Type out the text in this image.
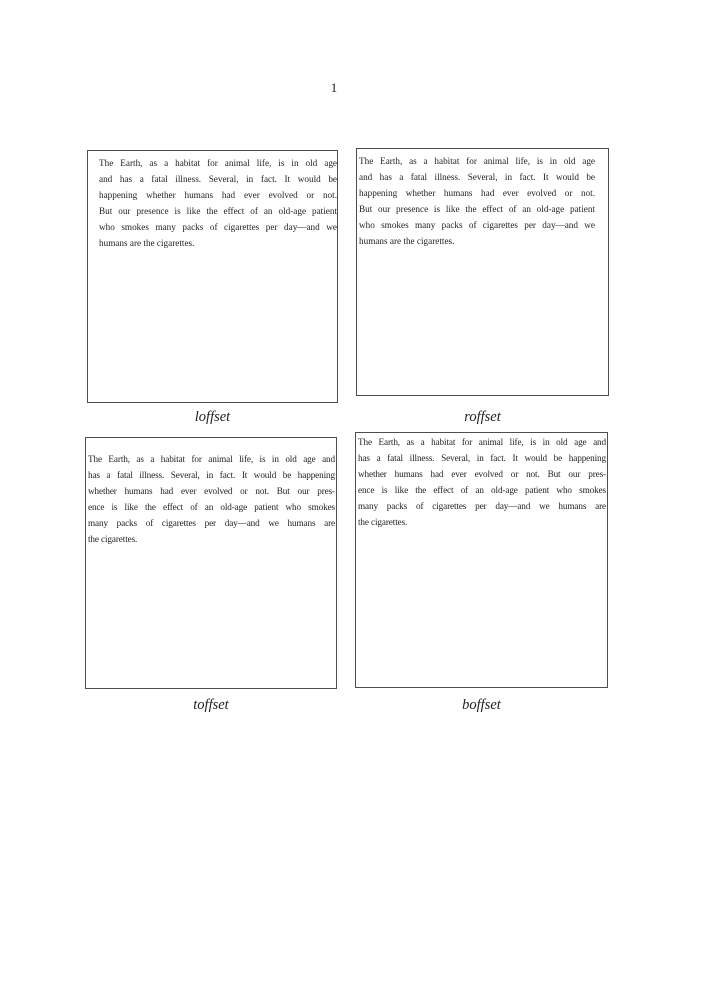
1
The Earth, as a habitat for animal life, is in old age
and has a fatal illness. Several, in fact. It would be
happening whether humans had ever evolved or not.
But our presence is like the effect of an old-age patient
who smokes many packs of cigarettes per day—and we
humans are the cigarettes.
loffset
The Earth, as a habitat for animal life, is in old age
and has a fatal illness. Several, in fact. It would be
happening whether humans had ever evolved or not.
But our presence is like the effect of an old-age patient
who smokes many packs of cigarettes per day—and we
humans are the cigarettes.
roffset
The Earth, as a habitat for animal life, is in old age and
has a fatal illness. Several, in fact. It would be happening
whether humans had ever evolved or not. But our pres-
ence is like the effect of an old-age patient who smokes
many packs of cigarettes per day—and we humans are
the cigarettes.
toffset
The Earth, as a habitat for animal life, is in old age and
has a fatal illness. Several, in fact. It would be happening
whether humans had ever evolved or not. But our pres-
ence is like the effect of an old-age patient who smokes
many packs of cigarettes per day—and we humans are
the cigarettes.
boffset
